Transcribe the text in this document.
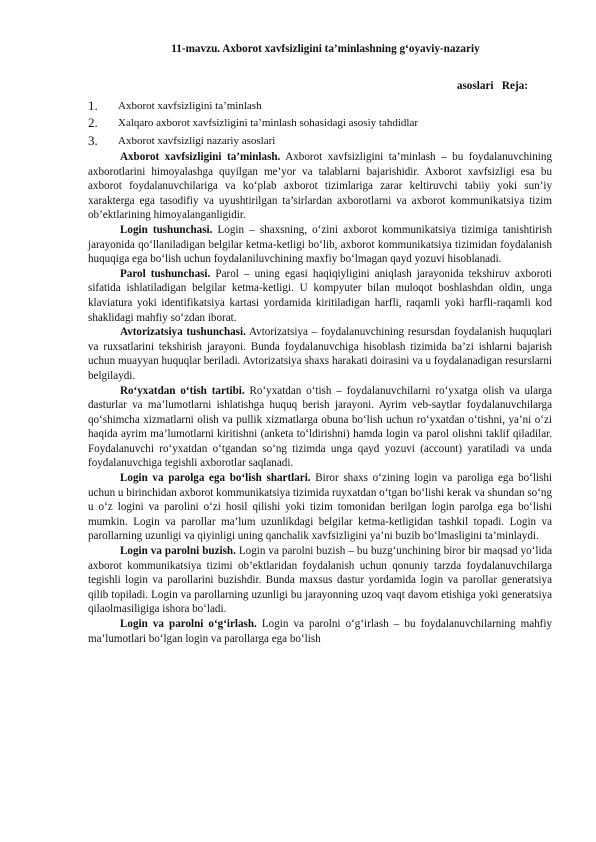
11-mavzu. Axborot xavfsizligini ta’minlashning g‘oyaviy-nazariy
asoslari   Reja:
1.	Axborot xavfsizligini ta’minlash
2.	Xalqaro axborot xavfsizligini ta’minlash sohasidagi asosiy tahdidlar
3.	Axborot xavfsizligi nazariy asoslari

Axborot xavfsizligini ta’minlash. Axborot xavfsizligini ta’minlash – bu foydalanuvchining axborotlarini himoyalashga quyilgan me’yor va talablarni bajarishidir. Axborot xavfsizligi esa bu axborot foydalanuvchilariga va ko‘plab axborot tizimlariga zarar keltiruvchi tabiiy yoki sun’iy xarakterga ega tasodifiy va uyushtirilgan ta’sirlardan axborotlarni va axborot kommunikatsiya tizim ob’ektlarining himoyalanganligidir.

Login tushunchasi. Login – shaxsning, o‘zini axborot kommunikatsiya tizimiga tanishtirish jarayonida qo‘llaniladigan belgilar ketma-ketligi bo‘lib, axborot kommunikatsiya tizimidan foydalanish huquqiga ega bo‘lish uchun foydalaniluvchining maxfiy bo‘lmagan qayd yozuvi hisoblanadi.

Parol tushunchasi. Parol – uning egasi haqiqiyligini aniqlash jarayonida tekshiruv axboroti sifatida ishlatiladigan belgilar ketma-ketligi. U kompyuter bilan muloqot boshlashdan oldin, unga klaviatura yoki identifikatsiya kartasi yordamida kiritiladigan harfli, raqamli yoki harfli-raqamli kod shaklidagi mahfiy so‘zdan iborat.

Avtorizatsiya tushunchasi. Avtorizatsiya – foydalanuvchining resursdan foydalanish huquqlari va ruxsatlarini tekshirish jarayoni. Bunda foydalanuvchiga hisoblash tizimida ba’zi ishlarni bajarish uchun muayyan huquqlar beriladi. Avtorizatsiya shaxs harakati doirasini va u foydalanadigan resurslarni belgilaydi.

Ro‘yxatdan o‘tish tartibi. Ro‘yxatdan o‘tish – foydalanuvchilarni ro‘yxatga olish va ularga dasturlar va ma’lumotlarni ishlatishga huquq berish jarayoni. Ayrim veb-saytlar foydalanuvchilarga qo‘shimcha xizmatlarni olish va pullik xizmatlarga obuna bo‘lish uchun ro‘yxatdan o‘tishni, ya’ni o‘zi haqida ayrim ma’lumotlarni kiritishni (anketa to‘ldirishni) hamda login va parol olishni taklif qiladilar. Foydalanuvchi ro‘yxatdan o‘tgandan so‘ng tizimda unga qayd yozuvi (account) yaratiladi va unda foydalanuvchiga tegishli axborotlar saqlanadi.

Login va parolga ega bo‘lish shartlari. Biror shaxs o‘zining login va paroliga ega bo‘lishi uchun u birinchidan axborot kommunikatsiya tizimida ruyxatdan o‘tgan bo‘lishi kerak va shundan so‘ng u o‘z logini va parolini o‘zi hosil qilishi yoki tizim tomonidan berilgan login parolga ega bo‘lishi mumkin. Login va parollar ma’lum uzunlikdagi belgilar ketma-ketligidan tashkil topadi. Login va parollarning uzunligi va qiyinligi uning qanchalik xavfsizligini ya’ni buzib bo‘lmasligini ta’minlaydi.

Login va parolni buzish. Login va parolni buzish – bu buzg‘unchining biror bir maqsad yo‘lida axborot kommunikatsiya tizimi ob’ektlaridan foydalanish uchun qonuniy tarzda foydalanuvchilarga tegishli login va parollarini buzishdir. Bunda maxsus dastur yordamida login va parollar generatsiya qilib topiladi. Login va parollarning uzunligi bu jarayonning uzoq vaqt davom etishiga yoki generatsiya qilaolmasiligiga ishora bo‘ladi.

Login va parolni o‘g‘irlash. Login va parolni o‘g‘irlash – bu foydalanuvchilarning mahfiy ma’lumotlari bo‘lgan login va parollarga ega bo‘lish
